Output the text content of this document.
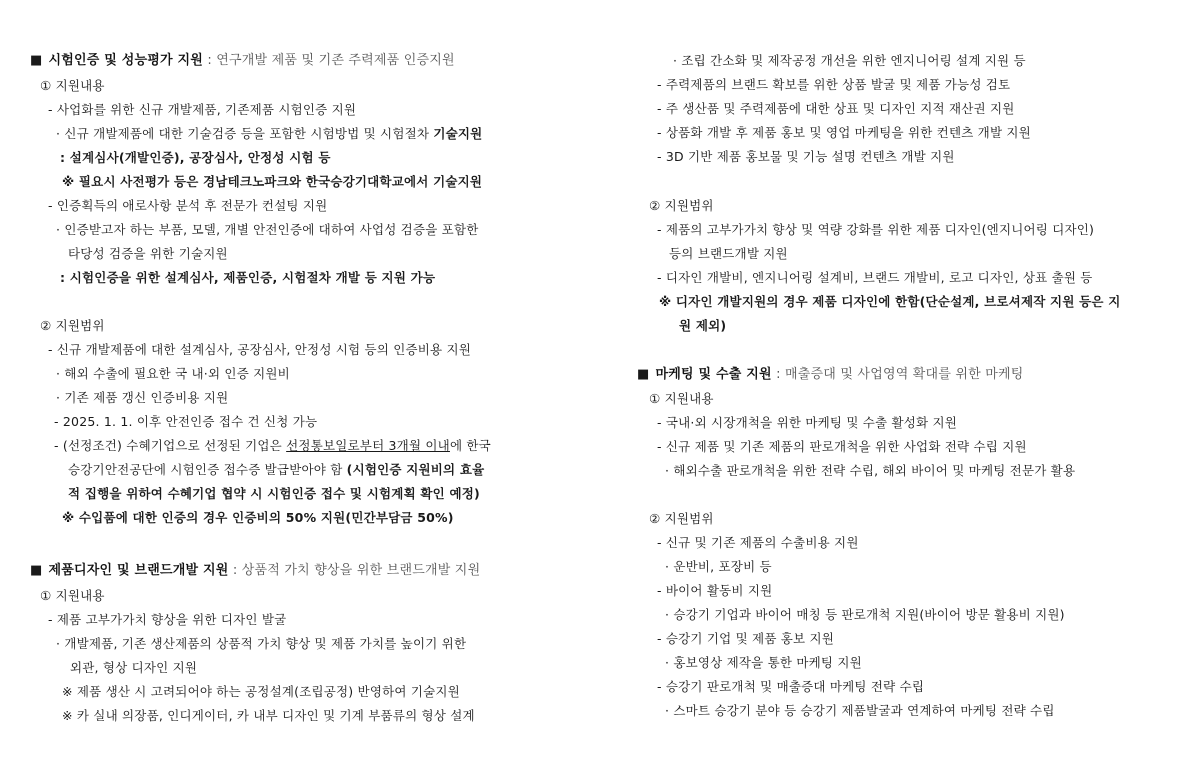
■ 시험인증 및 성능평가 지원 : 연구개발 제품 및 기존 주력제품 인증지원
① 지원내용
- 사업화를 위한 신규 개발제품, 기존제품 시험인증 지원
· 신규 개발제품에 대한 기술검증 등을 포함한 시험방법 및 시험절차 기술지원
: 설계심사(개발인증), 공장심사, 안정성 시험 등
※ 필요시 사전평가 등은 경남테크노파크와 한국승강기대학교에서 기술지원
- 인증획득의 애로사항 분석 후 전문가 컨설팅 지원
· 인증받고자 하는 부품, 모델, 개별 안전인증에 대하여 사업성 검증을 포함한
타당성 검증을 위한 기술지원
: 시험인증을 위한 설계심사, 제품인증, 시험절차 개발 등 지원 가능
② 지원범위
- 신규 개발제품에 대한 설계심사, 공장심사, 안정성 시험 등의 인증비용 지원
· 해외 수출에 필요한 국 내·외 인증 지원비
· 기존 제품 갱신 인증비용 지원
- 2025. 1. 1. 이후 안전인증 접수 건 신청 가능
- (선정조건) 수혜기업으로 선정된 기업은 선정통보일로부터 3개월 이내에 한국
승강기안전공단에 시험인증 접수증 발급받아야 함 (시험인증 지원비의 효율
적 집행을 위하여 수혜기업 협약 시 시험인증 접수 및 시험계획 확인 예정)
※ 수입품에 대한 인증의 경우 인증비의 50% 지원(민간부담금 50%)
■ 제품디자인 및 브랜드개발 지원 : 상품적 가치 향상을 위한 브랜드개발 지원
① 지원내용
- 제품 고부가가치 향상을 위한 디자인 발굴
· 개발제품, 기존 생산제품의 상품적 가치 향상 및 제품 가치를 높이기 위한
외관, 형상 디자인 지원
※ 제품 생산 시 고려되어야 하는 공정설계(조립공정) 반영하여 기술지원
※ 카 실내 의장품, 인디게이터, 카 내부 디자인 및 기계 부품류의 형상 설계
· 조립 간소화 및 제작공정 개선을 위한 엔지니어링 설계 지원 등
- 주력제품의 브랜드 확보를 위한 상품 발굴 및 제품 가능성 검토
- 주 생산품 및 주력제품에 대한 상표 및 디자인 지적 재산권 지원
- 상품화 개발 후 제품 홍보 및 영업 마케팅을 위한 컨텐츠 개발 지원
- 3D 기반 제품 홍보물 및 기능 설명 컨텐츠 개발 지원
② 지원범위
- 제품의 고부가가치 향상 및 역량 강화를 위한 제품 디자인(엔지니어링 디자인)
등의 브랜드개발 지원
- 디자인 개발비, 엔지니어링 설계비, 브랜드 개발비, 로고 디자인, 상표 출원 등
※ 디자인 개발지원의 경우 제품 디자인에 한함(단순설계, 브로셔제작 지원 등은 지
원 제외)
■ 마케팅 및 수출 지원 : 매출증대 및 사업영역 확대를 위한 마케팅
① 지원내용
- 국내·외 시장개척을 위한 마케팅 및 수출 활성화 지원
- 신규 제품 및 기존 제품의 판로개척을 위한 사업화 전략 수립 지원
· 해외수출 판로개척을 위한 전략 수립, 해외 바이어 및 마케팅 전문가 활용
② 지원범위
- 신규 및 기존 제품의 수출비용 지원
· 운반비, 포장비 등
- 바이어 활동비 지원
· 승강기 기업과 바이어 매칭 등 판로개척 지원(바이어 방문 활용비 지원)
- 승강기 기업 및 제품 홍보 지원
· 홍보영상 제작을 통한 마케팅 지원
- 승강기 판로개척 및 매출증대 마케팅 전략 수립
· 스마트 승강기 분야 등 승강기 제품발굴과 연계하여 마케팅 전략 수립
